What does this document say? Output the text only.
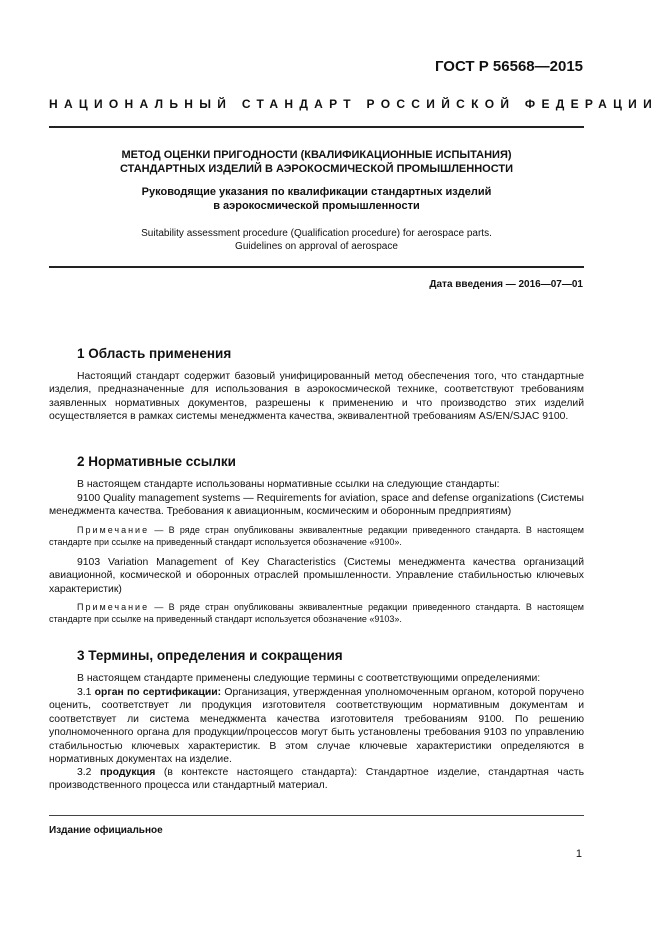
ГОСТ Р 56568—2015
НАЦИОНАЛЬНЫЙ СТАНДАРТ РОССИЙСКОЙ ФЕДЕРАЦИИ
МЕТОД ОЦЕНКИ ПРИГОДНОСТИ (КВАЛИФИКАЦИОННЫЕ ИСПЫТАНИЯ)
СТАНДАРТНЫХ ИЗДЕЛИЙ В АЭРОКОСМИЧЕСКОЙ ПРОМЫШЛЕННОСТИ
Руководящие указания по квалификации стандартных изделий
в аэрокосмической промышленности
Suitability assessment procedure (Qualification procedure) for aerospace parts.
Guidelines on approval of aerospace
Дата введения — 2016—07—01
1 Область применения
Настоящий стандарт содержит базовый унифицированный метод обеспечения того, что стандартные изделия, предназначенные для использования в аэрокосмической технике, соответствуют требованиям заявленных нормативных документов, разрешены к применению и что производство этих изделий осуществляется в рамках системы менеджмента качества, эквивалентной требованиям AS/EN/SJAC 9100.
2 Нормативные ссылки
В настоящем стандарте использованы нормативные ссылки на следующие стандарты:
9100 Quality management systems — Requirements for aviation, space and defense organizations (Системы менеджмента качества. Требования к авиационным, космическим и оборонным предприятиям)
Примечание — В ряде стран опубликованы эквивалентные редакции приведенного стандарта. В настоящем стандарте при ссылке на приведенный стандарт используется обозначение «9100».
9103 Variation Management of Key Characteristics (Системы менеджмента качества организаций авиационной, космической и оборонных отраслей промышленности. Управление стабильностью ключевых характеристик)
Примечание — В ряде стран опубликованы эквивалентные редакции приведенного стандарта. В настоящем стандарте при ссылке на приведенный стандарт используется обозначение «9103».
3 Термины, определения и сокращения
В настоящем стандарте применены следующие термины с соответствующими определениями:
3.1 орган по сертификации: Организация, утвержденная уполномоченным органом, которой поручено оценить, соответствует ли продукция изготовителя соответствующим нормативным документам и соответствует ли система менеджмента качества изготовителя требованиям 9100. По решению уполномоченного органа для продукции/процессов могут быть установлены требования 9103 по управлению стабильностью ключевых характеристик. В этом случае ключевые характеристики определяются в нормативных документах на изделие.
3.2 продукция (в контексте настоящего стандарта): Стандартное изделие, стандартная часть производственного процесса или стандартный материал.
Издание официальное
1
